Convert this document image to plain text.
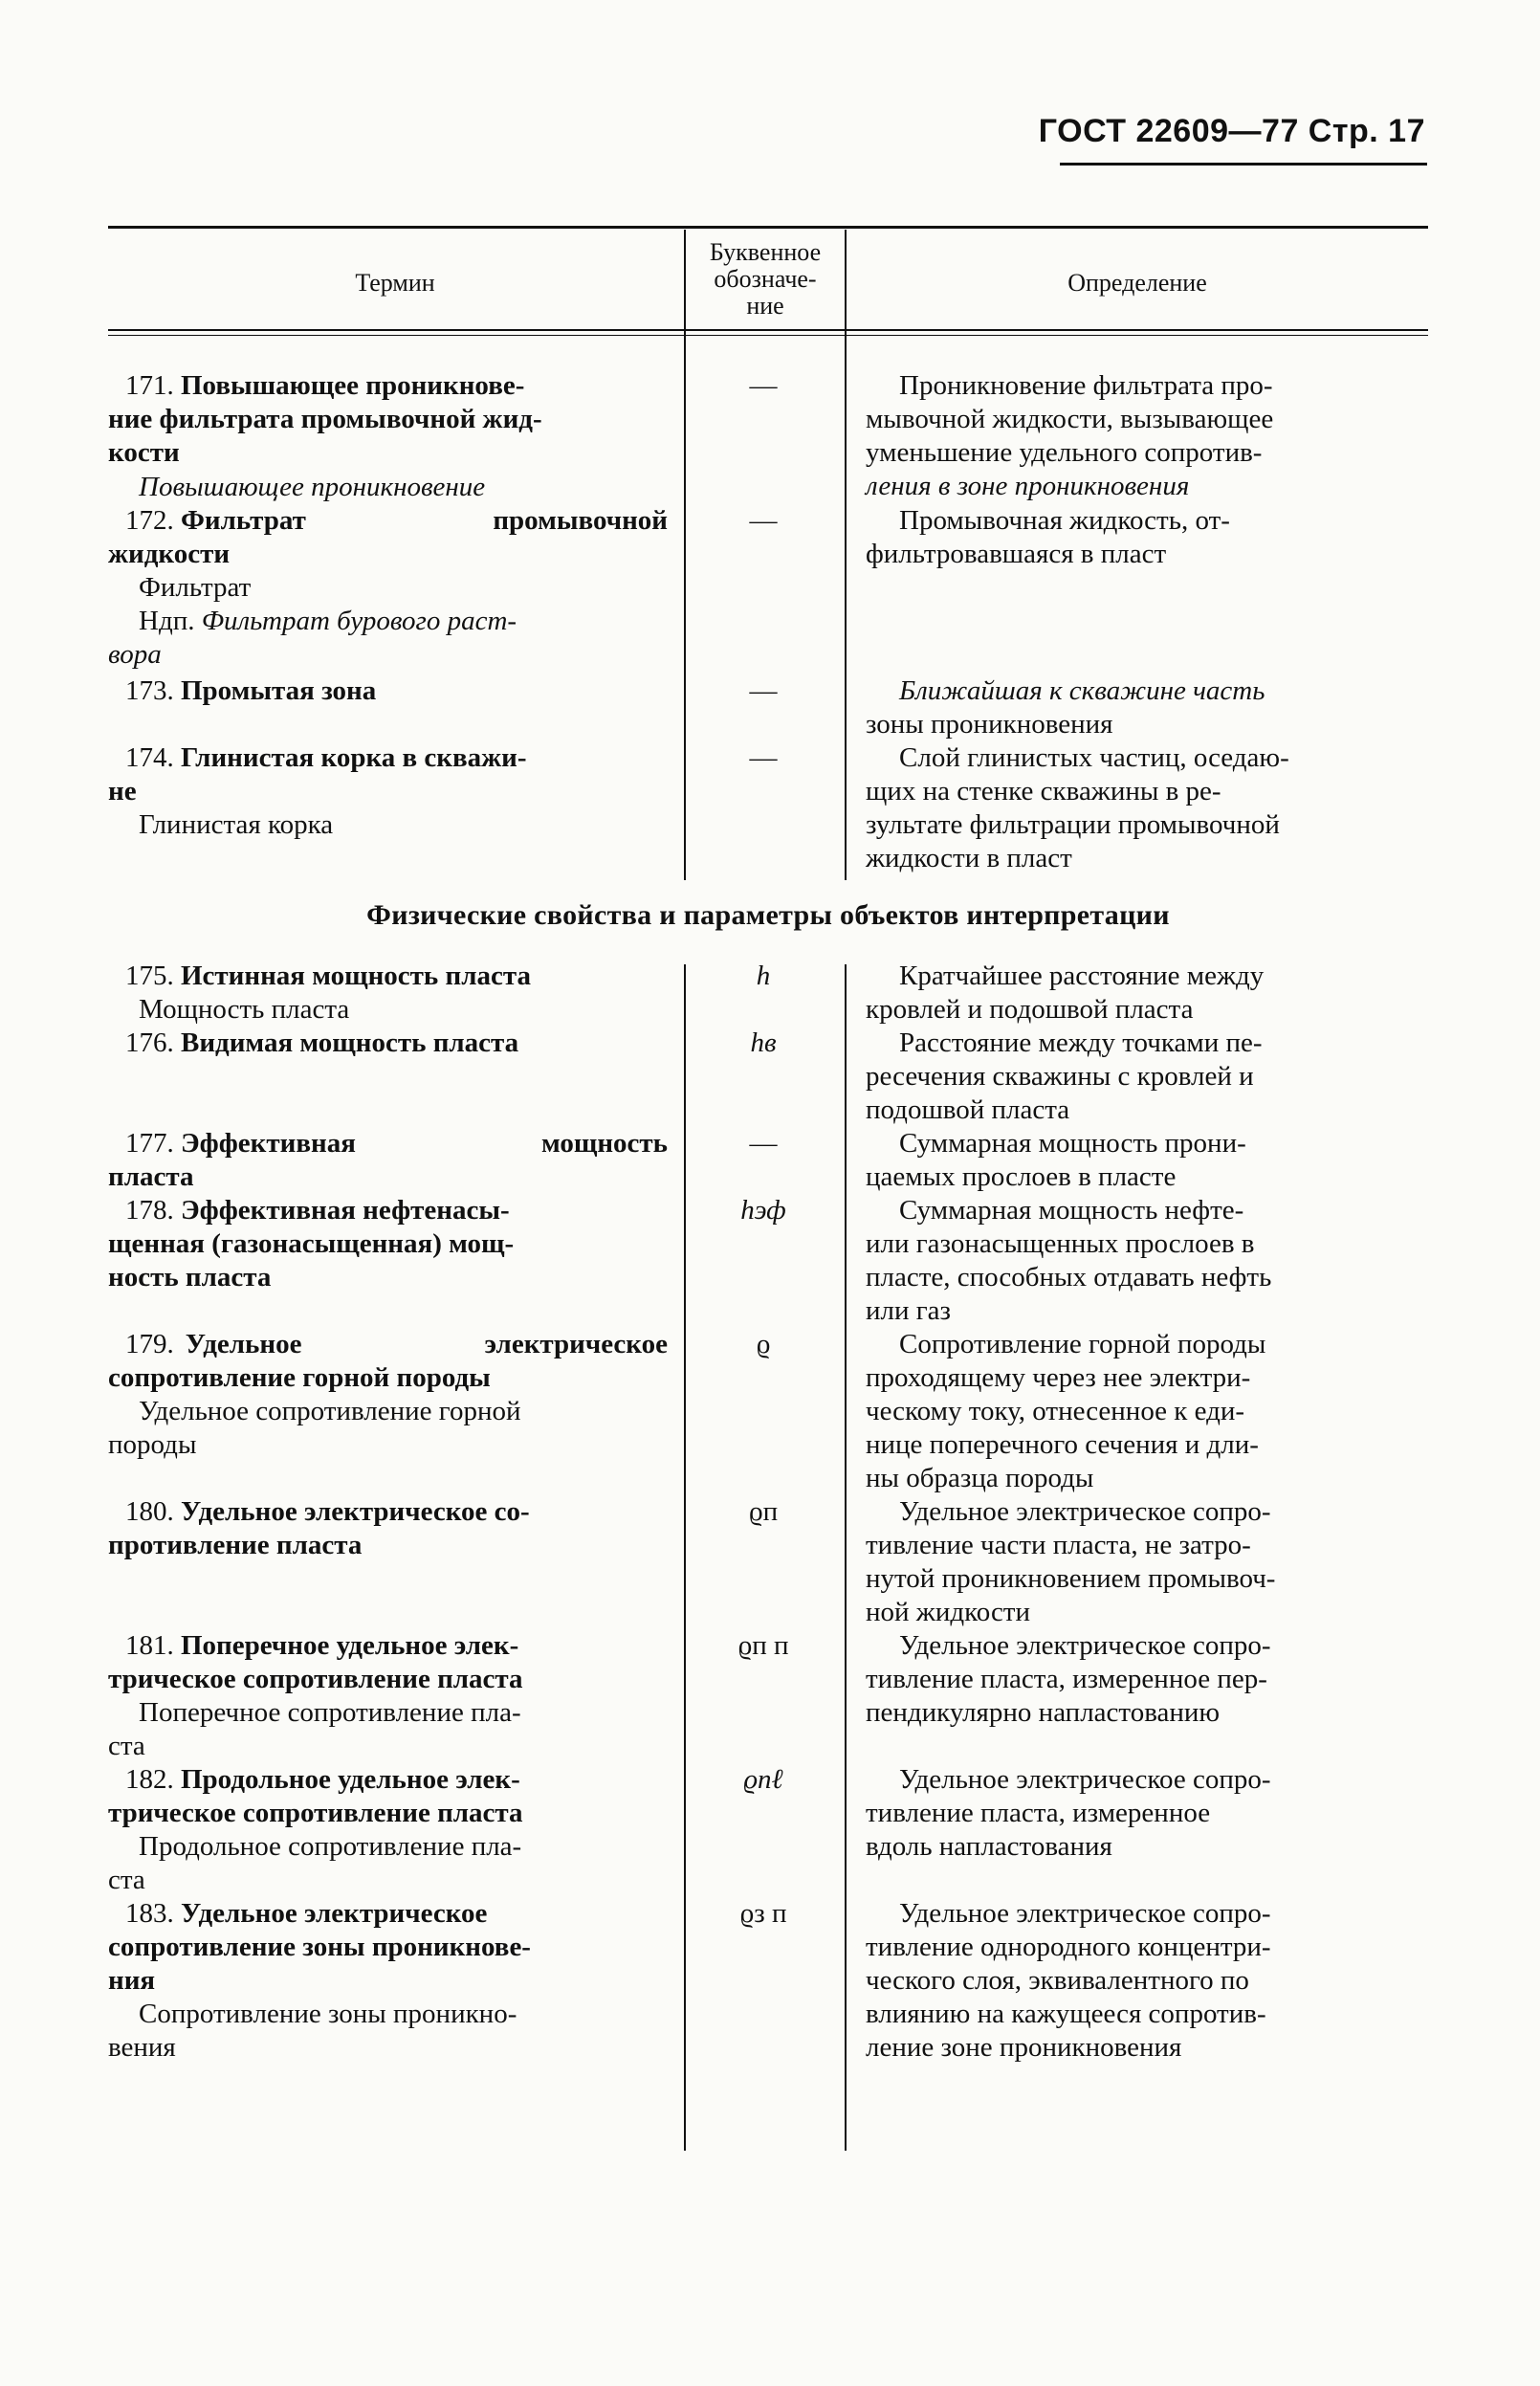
ГОСТ 22609—77 Стр. 17
Термин
Буквенное
обозначе-
ние
Определение
171. Повышающее проникнове-
ние фильтрата промывочной жид-
кости
Повышающее проникновение
—	Проникновение фильтрата про-
мывочной жидкости, вызывающее
уменьшение удельного сопротив-
ления в зоне проникновения
172. Фильтрат	промывочной
жидкости
Фильтрат
Ндп. Фильтрат бурового раст-
вора
—	Промывочная жидкость, от-
фильтровавшаяся в пласт
173. Промытая зона	—	Ближайшая к скважине часть
зоны проникновения
174. Глинистая корка в скважи-
не
Глинистая корка
—	Слой глинистых частиц, оседаю-
щих на стенке скважины в ре-
зультате фильтрации промывочной
жидкости в пласт
Физические свойства и параметры объектов интерпретации
175. Истинная мощность пласта
Мощность пласта
h	Кратчайшее расстояние между
кровлей и подошвой пласта
176. Видимая мощность пласта	hв	Расстояние между точками пе-
ресечения скважины с кровлей и
подошвой пласта
177. Эффективная	мощность
пласта
—	Суммарная мощность прони-
цаемых прослоев в пласте
178. Эффективная нефтенасы-
щенная (газонасыщенная) мощ-
ность пласта
hэф	Суммарная мощность нефте-
или газонасыщенных прослоев в
пласте, способных отдавать нефть
или газ
179. Удельное электрическое
сопротивление горной породы
Удельное сопротивление горной
породы
ϱ	Сопротивление горной породы
проходящему через нее электри-
ческому току, отнесенное к еди-
нице поперечного сечения и дли-
ны образца породы
180. Удельное электрическое со-
противление пласта
ϱп	Удельное электрическое сопро-
тивление части пласта, не затро-
нутой проникновением промывоч-
ной жидкости
181. Поперечное удельное элек-
трическое сопротивление пласта
Поперечное сопротивление пла-
ста
ϱп п	Удельное электрическое сопро-
тивление пласта, измеренное пер-
пендикулярно напластованию
182. Продольное удельное элек-
трическое сопротивление пласта
Продольное сопротивление пла-
ста
ϱпℓ	Удельное электрическое сопро-
тивление пласта, измеренное
вдоль напластования
183. Удельное электрическое
сопротивление зоны проникнове-
ния
Сопротивление зоны проникно-
вения
ϱз п	Удельное электрическое сопро-
тивление однородного концентри-
ческого слоя, эквивалентного по
влиянию на кажущееся сопротив-
ление зоне проникновения
